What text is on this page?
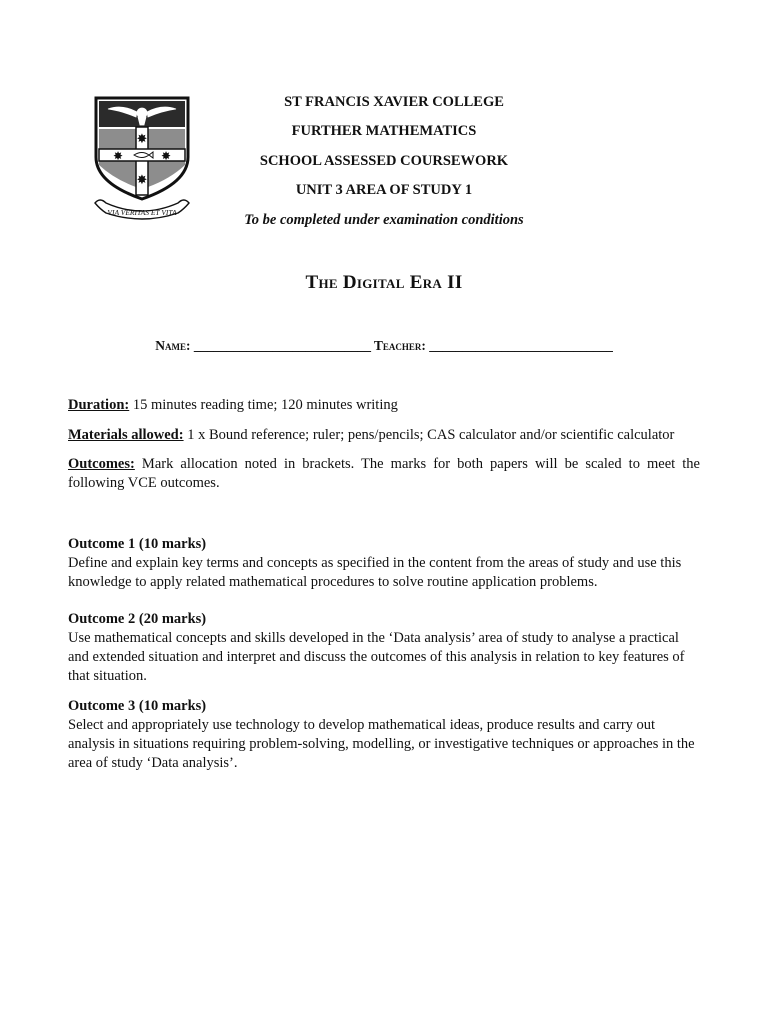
✸
✸	✸
✸
VIA VERITAS ET VITA
ST FRANCIS XAVIER COLLEGE
FURTHER MATHEMATICS
SCHOOL ASSESSED COURSEWORK
UNIT 3 AREA OF STUDY 1
To be completed under examination conditions
The Digital Era II
Name: ___________________________ Teacher: ____________________________
Duration: 15 minutes reading time; 120 minutes writing
Materials allowed: 1 x Bound reference; ruler; pens/pencils; CAS calculator and/or scientific calculator
Outcomes: Mark allocation noted in brackets. The marks for both papers will be scaled to meet the following VCE outcomes.
Outcome 1 (10 marks)
Define and explain key terms and concepts as specified in the content from the areas of study and use this knowledge to apply related mathematical procedures to solve routine application problems.
Outcome 2 (20 marks)
Use mathematical concepts and skills developed in the ‘Data analysis’ area of study to analyse a practical and extended situation and interpret and discuss the outcomes of this analysis in relation to key features of that situation.
Outcome 3 (10 marks)
Select and appropriately use technology to develop mathematical ideas, produce results and carry out analysis in situations requiring problem-solving, modelling, or investigative techniques or approaches in the area of study ‘Data analysis’.
